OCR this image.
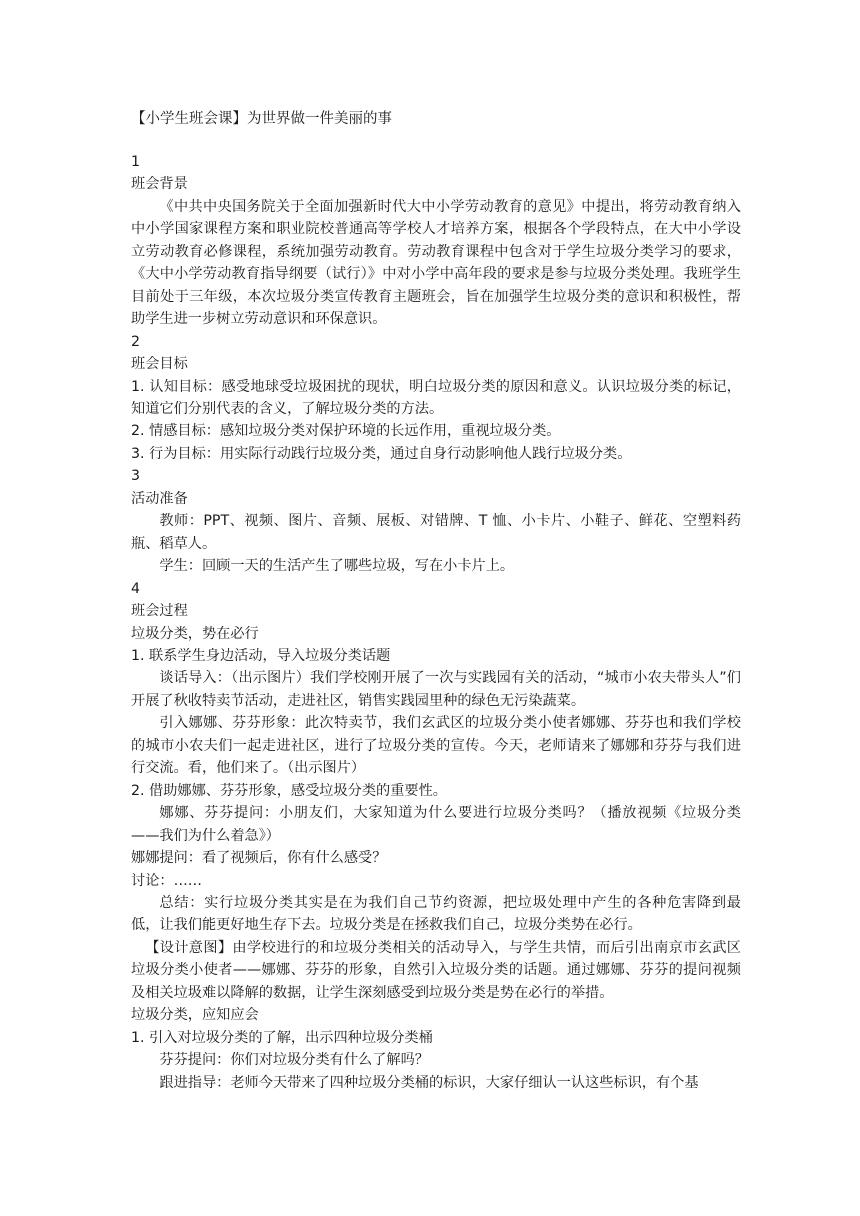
【小学生班会课】为世界做一件美丽的事

1

班会背景

《中共中央国务院关于全面加强新时代大中小学劳动教育的意见》中提出，将劳动教育纳入中小学国家课程方案和职业院校普通高等学校人才培养方案，根据各个学段特点，在大中小学设立劳动教育必修课程，系统加强劳动教育。劳动教育课程中包含对于学生垃圾分类学习的要求，《大中小学劳动教育指导纲要（试行）》中对小学中高年段的要求是参与垃圾分类处理。我班学生目前处于三年级，本次垃圾分类宣传教育主题班会，旨在加强学生垃圾分类的意识和积极性，帮助学生进一步树立劳动意识和环保意识。

2

班会目标

1. 认知目标：感受地球受垃圾困扰的现状，明白垃圾分类的原因和意义。认识垃圾分类的标记，知道它们分别代表的含义，了解垃圾分类的方法。

2. 情感目标：感知垃圾分类对保护环境的长远作用，重视垃圾分类。

3. 行为目标：用实际行动践行垃圾分类，通过自身行动影响他人践行垃圾分类。

3

活动准备

教师：PPT、视频、图片、音频、展板、对错牌、T 恤、小卡片、小鞋子、鲜花、空塑料药瓶、稻草人。

学生：回顾一天的生活产生了哪些垃圾，写在小卡片上。

4

班会过程

垃圾分类，势在必行

1. 联系学生身边活动，导入垃圾分类话题

谈话导入：（出示图片）我们学校刚开展了一次与实践园有关的活动，“城市小农夫带头人”们开展了秋收特卖节活动，走进社区，销售实践园里种的绿色无污染蔬菜。

引入娜娜、芬芬形象：此次特卖节，我们玄武区的垃圾分类小使者娜娜、芬芬也和我们学校的城市小农夫们一起走进社区，进行了垃圾分类的宣传。今天，老师请来了娜娜和芬芬与我们进行交流。看，他们来了。（出示图片）

2. 借助娜娜、芬芬形象，感受垃圾分类的重要性。

娜娜、芬芬提问：小朋友们，大家知道为什么要进行垃圾分类吗？（播放视频《垃圾分类——我们为什么着急》）

娜娜提问：看了视频后，你有什么感受？

讨论：……

总结：实行垃圾分类其实是在为我们自己节约资源，把垃圾处理中产生的各种危害降到最低，让我们能更好地生存下去。垃圾分类是在拯救我们自己，垃圾分类势在必行。

【设计意图】由学校进行的和垃圾分类相关的活动导入，与学生共情，而后引出南京市玄武区垃圾分类小使者——娜娜、芬芬的形象，自然引入垃圾分类的话题。通过娜娜、芬芬的提问视频及相关垃圾难以降解的数据，让学生深刻感受到垃圾分类是势在必行的举措。

垃圾分类，应知应会

1. 引入对垃圾分类的了解，出示四种垃圾分类桶

芬芬提问：你们对垃圾分类有什么了解吗？

跟进指导：老师今天带来了四种垃圾分类桶的标识，大家仔细认一认这些标识，有个基
